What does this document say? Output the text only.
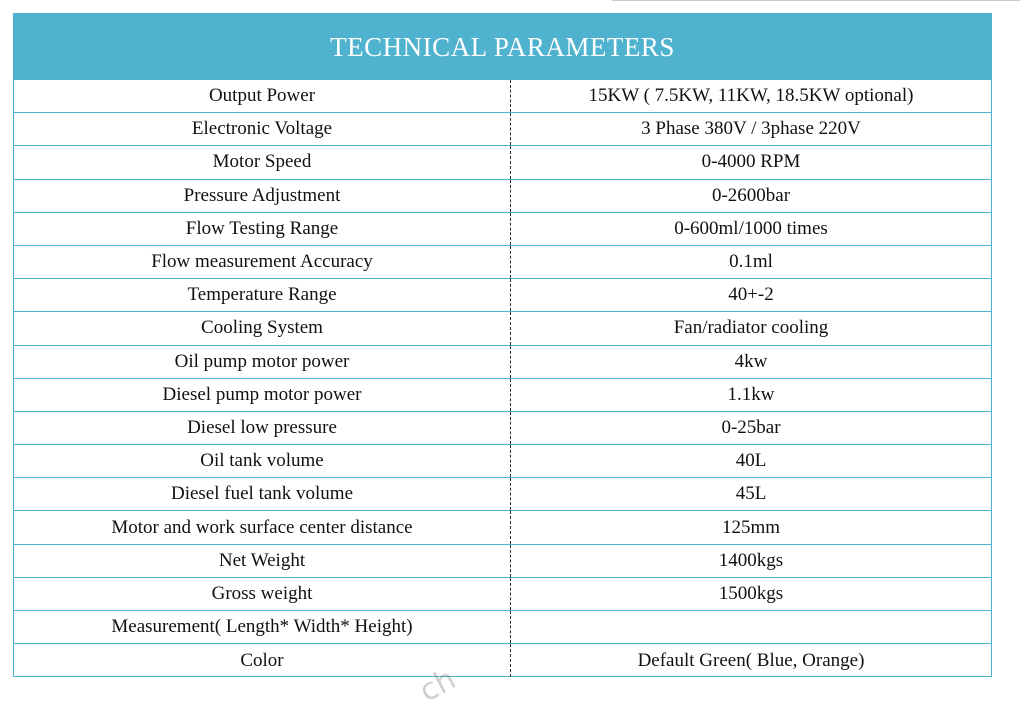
TECHNICAL PARAMETERS
Output Power	15KW ( 7.5KW, 11KW, 18.5KW optional)
Electronic Voltage	3 Phase 380V / 3phase 220V
Motor Speed	0-4000 RPM
Pressure Adjustment	0-2600bar
Flow Testing Range	0-600ml/1000 times
Flow measurement Accuracy	0.1ml
Temperature Range	40+-2
Cooling System	Fan/radiator cooling
Oil pump motor power	4kw
Diesel pump motor power	1.1kw
Diesel low pressure	0-25bar
Oil tank volume	40L
Diesel fuel tank volume	45L
Motor and work surface center distance	125mm
Net Weight	1400kgs
Gross weight	1500kgs
Measurement( Length* Width* Height)
Color	Default Green( Blue, Orange)
ch
